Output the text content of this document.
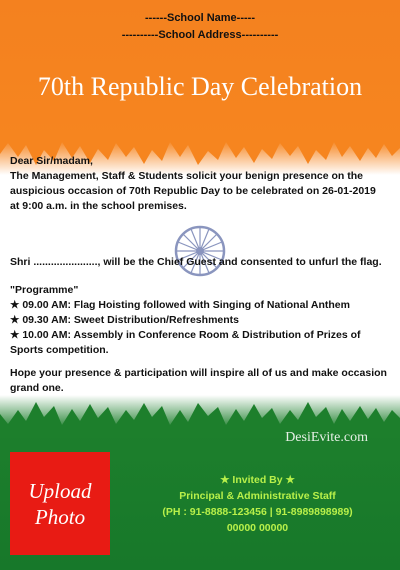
------School Name-----
----------School Address----------
70th Republic Day Celebration
Dear Sir/madam,
The Management, Staff & Students solicit your benign presence on the auspicious occasion of 70th Republic Day to be celebrated on 26-01-2019 at 9:00 a.m. in the school premises.
Shri ......................, will be the Chief Guest and consented to unfurl the flag.
"Programme"
★ 09.00 AM: Flag Hoisting followed with Singing of National Anthem
★ 09.30 AM: Sweet Distribution/Refreshments
★ 10.00 AM: Assembly in Conference Room & Distribution of Prizes of Sports competition.
Hope your presence & participation will inspire all of us and make occasion grand one.
DesiEvite.com
Upload Photo
★ Invited By ★
Principal & Administrative Staff
(PH : 91-8888-123456 | 91-8989898989)
00000 00000
